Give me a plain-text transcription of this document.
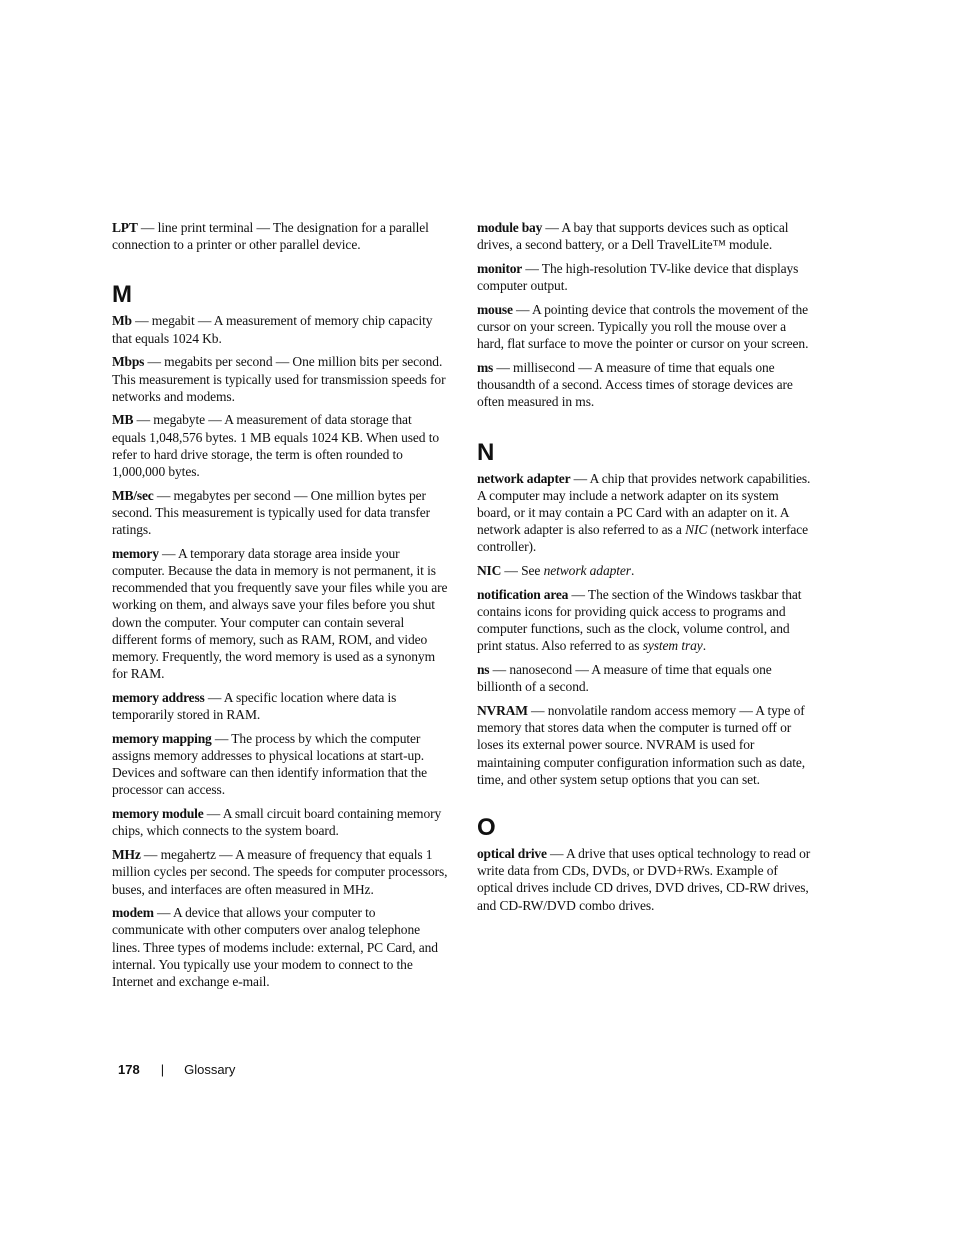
LPT — line print terminal — The designation for a parallel connection to a printer or other parallel device.

M

Mb — megabit — A measurement of memory chip capacity that equals 1024 Kb.

Mbps — megabits per second — One million bits per second. This measurement is typically used for transmission speeds for networks and modems.

MB — megabyte — A measurement of data storage that equals 1,048,576 bytes. 1 MB equals 1024 KB. When used to refer to hard drive storage, the term is often rounded to 1,000,000 bytes.

MB/sec — megabytes per second — One million bytes per second. This measurement is typically used for data transfer ratings.

memory — A temporary data storage area inside your computer. Because the data in memory is not permanent, it is recommended that you frequently save your files while you are working on them, and always save your files before you shut down the computer. Your computer can contain several different forms of memory, such as RAM, ROM, and video memory. Frequently, the word memory is used as a synonym for RAM.

memory address — A specific location where data is temporarily stored in RAM.

memory mapping — The process by which the computer assigns memory addresses to physical locations at start-up. Devices and software can then identify information that the processor can access.

memory module — A small circuit board containing memory chips, which connects to the system board.

MHz — megahertz — A measure of frequency that equals 1 million cycles per second. The speeds for computer processors, buses, and interfaces are often measured in MHz.

modem — A device that allows your computer to communicate with other computers over analog telephone lines. Three types of modems include: external, PC Card, and internal. You typically use your modem to connect to the Internet and exchange e-mail.

module bay — A bay that supports devices such as optical drives, a second battery, or a Dell TravelLite™ module.

monitor — The high-resolution TV-like device that displays computer output.

mouse — A pointing device that controls the movement of the cursor on your screen. Typically you roll the mouse over a hard, flat surface to move the pointer or cursor on your screen.

ms — millisecond — A measure of time that equals one thousandth of a second. Access times of storage devices are often measured in ms.

N

network adapter — A chip that provides network capabilities. A computer may include a network adapter on its system board, or it may contain a PC Card with an adapter on it. A network adapter is also referred to as a NIC (network interface controller).

NIC — See network adapter.

notification area — The section of the Windows taskbar that contains icons for providing quick access to programs and computer functions, such as the clock, volume control, and print status. Also referred to as system tray.

ns — nanosecond — A measure of time that equals one billionth of a second.

NVRAM — nonvolatile random access memory — A type of memory that stores data when the computer is turned off or loses its external power source. NVRAM is used for maintaining computer configuration information such as date, time, and other system setup options that you can set.

O

optical drive — A drive that uses optical technology to read or write data from CDs, DVDs, or DVD+RWs. Example of optical drives include CD drives, DVD drives, CD-RW drives, and CD-RW/DVD combo drives.

178 | Glossary
